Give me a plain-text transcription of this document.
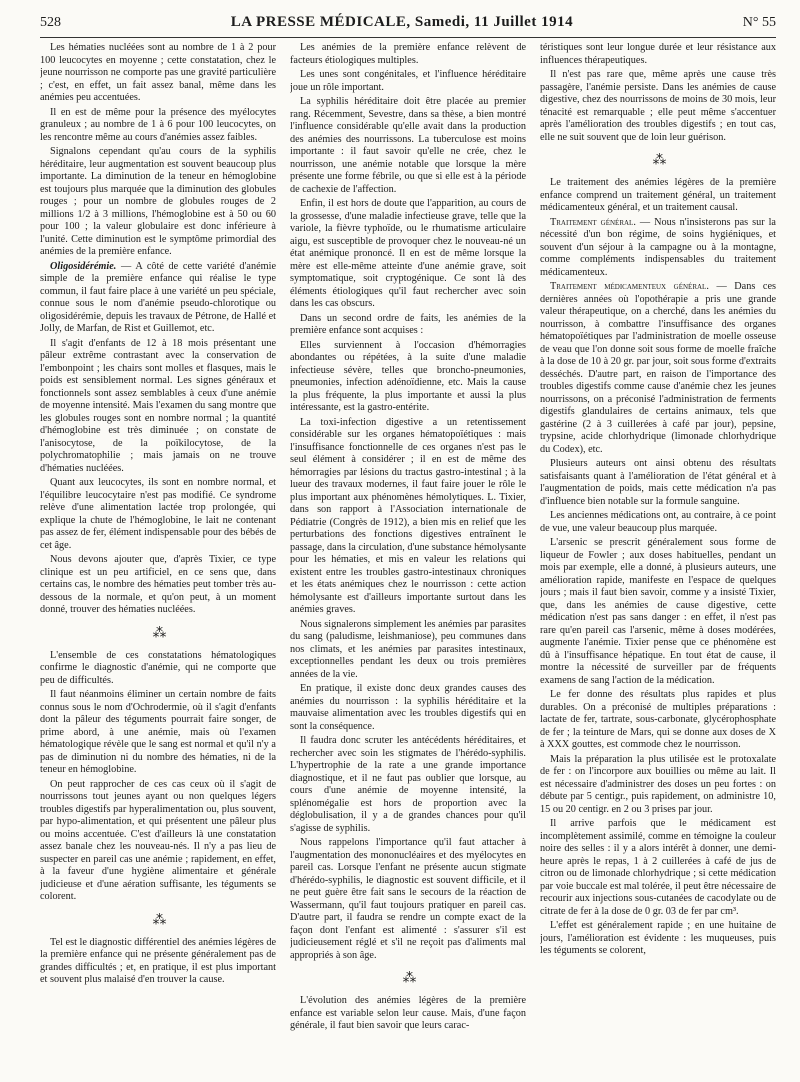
528	LA PRESSE MÉDICALE, Samedi, 11 Juillet 1914	N° 55

Les hématies nucléées sont au nombre de 1 à 2 pour 100 leucocytes en moyenne ; cette constatation, chez le jeune nourrisson ne comporte pas une gravité particulière ; c'est, en effet, un fait assez banal, même dans les anémies peu accentuées.

Il en est de même pour la présence des myélocytes granuleux ; au nombre de 1 à 6 pour 100 leucocytes, on les rencontre même au cours d'anémies assez faibles.

Signalons cependant qu'au cours de la syphilis héréditaire, leur augmentation est souvent beaucoup plus importante. La diminution de la teneur en hémoglobine est toujours plus marquée que la diminution des globules rouges ; pour un nombre de globules rouges de 2 millions 1/2 à 3 millions, l'hémoglobine est à 50 ou 60 pour 100 ; la valeur globulaire est donc inférieure à l'unité. Cette diminution est le symptôme primordial des anémies de la première enfance.

Oligosidérémie. — A côté de cette variété d'anémie simple de la première enfance qui réalise le type commun, il faut faire place à une variété un peu spéciale, connue sous le nom d'anémie pseudo-chlorotique ou oligosidérémie, depuis les travaux de Pétrone, de Hallé et Jolly, de Marfan, de Rist et Guillemot, etc.

Il s'agit d'enfants de 12 à 18 mois présentant une pâleur extrême contrastant avec la conservation de l'embonpoint ; les chairs sont molles et flasques, mais le poids est sensiblement normal. Les signes généraux et fonctionnels sont assez semblables à ceux d'une anémie de moyenne intensité. Mais l'examen du sang montre que les globules rouges sont en nombre normal ; la quantité d'hémoglobine est très diminuée ; on constate de l'anisocytose, de la poïkilocytose, de la polychromatophilie ; mais jamais on ne trouve d'hématies nucléées.

Quant aux leucocytes, ils sont en nombre normal, et l'équilibre leucocytaire n'est pas modifié. Ce syndrome relève d'une alimentation lactée trop prolongée, qui explique la chute de l'hémoglobine, le lait ne contenant pas assez de fer, élément indispensable pour des bébés de cet âge.

Nous devons ajouter que, d'après Tixier, ce type clinique est un peu artificiel, en ce sens que, dans certains cas, le nombre des hématies peut tomber très au-dessous de la normale, et qu'on peut, à un moment donné, trouver des hématies nucléées.

⁂

L'ensemble de ces constatations hématologiques confirme le diagnostic d'anémie, qui ne comporte que peu de difficultés.

Il faut néanmoins éliminer un certain nombre de faits connus sous le nom d'Ochrodermie, où il s'agit d'enfants dont la pâleur des téguments pourrait faire songer, de prime abord, à une anémie, mais où l'examen hématologique révèle que le sang est normal et qu'il n'y a pas de diminution ni du nombre des hématies, ni de la teneur en hémoglobine.

On peut rapprocher de ces cas ceux où il s'agit de nourrissons tout jeunes ayant ou non quelques légers troubles digestifs par hyperalimentation ou, plus souvent, par hypo-alimentation, et qui présentent une pâleur plus ou moins accentuée. C'est d'ailleurs là une constatation assez banale chez les nouveau-nés. Il n'y a pas lieu de suspecter en pareil cas une anémie ; rapidement, en effet, à la faveur d'une hygiène alimentaire et générale judicieuse et d'une aération suffisante, les téguments se colorent.

⁂

Tel est le diagnostic différentiel des anémies légères de la première enfance qui ne présente généralement pas de grandes difficultés ; et, en pratique, il est plus important et souvent plus malaisé d'en trouver la cause.

Les anémies de la première enfance relèvent de facteurs étiologiques multiples.

Les unes sont congénitales, et l'influence héréditaire joue un rôle important.

La syphilis héréditaire doit être placée au premier rang. Récemment, Sevestre, dans sa thèse, a bien montré l'influence considérable qu'elle avait dans la production des anémies des nourrissons. La tuberculose est moins importante : il faut savoir qu'elle ne crée, chez le nourrisson, une anémie notable que lorsque la mère présente une forme fébrile, ou que si elle est à la période de cachexie de l'affection.

Enfin, il est hors de doute que l'apparition, au cours de la grossesse, d'une maladie infectieuse grave, telle que la variole, la fièvre typhoïde, ou le rhumatisme articulaire aigu, est susceptible de provoquer chez le nouveau-né un état anémique prononcé. Il en est de même lorsque la mère est elle-même atteinte d'une anémie grave, soit symptomatique, soit cryptogénique. Ce sont là des éléments étiologiques qu'il faut rechercher avec soin dans les cas obscurs.

Dans un second ordre de faits, les anémies de la première enfance sont acquises :

Elles surviennent à l'occasion d'hémorragies abondantes ou répétées, à la suite d'une maladie infectieuse sévère, telles que broncho-pneumonies, pneumonies, infection adénoïdienne, etc. Mais la cause la plus fréquente, la plus importante et aussi la plus intéressante, est la gastro-entérite.

La toxi-infection digestive a un retentissement considérable sur les organes hématopoïétiques : mais l'insuffisance fonctionnelle de ces organes n'est pas le seul élément à considérer ; il en est de même des hémorragies par lésions du tractus gastro-intestinal ; à la lueur des travaux modernes, il faut faire jouer le rôle le plus important aux phénomènes hémolytiques. L. Tixier, dans son rapport à l'Association internationale de Pédiatrie (Congrès de 1912), a bien mis en relief que les perturbations des fonctions digestives entraînent le passage, dans la circulation, d'une substance hémolysante pour les hématies, et mis en valeur les relations qui existent entre les troubles gastro-intestinaux chroniques et les états anémiques chez le nourrisson : cette action hémolysante est d'ailleurs importante surtout dans les anémies graves.

Nous signalerons simplement les anémies par parasites du sang (paludisme, leishmaniose), peu communes dans nos climats, et les anémies par parasites intestinaux, exceptionnelles pendant les deux ou trois premières années de la vie.

En pratique, il existe donc deux grandes causes des anémies du nourrisson : la syphilis héréditaire et la mauvaise alimentation avec les troubles digestifs qui en sont la conséquence.

Il faudra donc scruter les antécédents héréditaires, et rechercher avec soin les stigmates de l'hérédo-syphilis. L'hypertrophie de la rate a une grande importance diagnostique, et il ne faut pas oublier que lorsque, au cours d'une anémie de moyenne intensité, la splénomégalie est hors de proportion avec la déglobulisation, il y a de grandes chances pour qu'il s'agisse de syphilis.

Nous rappelons l'importance qu'il faut attacher à l'augmentation des mononucléaires et des myélocytes en pareil cas. Lorsque l'enfant ne présente aucun stigmate d'hérédo-syphilis, le diagnostic est souvent difficile, et il ne peut guère être fait sans le secours de la réaction de Wassermann, qu'il faut toujours pratiquer en pareil cas. D'autre part, il faudra se rendre un compte exact de la façon dont l'enfant est alimenté : s'assurer s'il est judicieusement réglé et s'il ne reçoit pas d'aliments mal appropriés à son âge.

⁂

L'évolution des anémies légères de la première enfance est variable selon leur cause. Mais, d'une façon générale, il faut bien savoir que leurs carac-

téristiques sont leur longue durée et leur résistance aux influences thérapeutiques.

Il n'est pas rare que, même après une cause très passagère, l'anémie persiste. Dans les anémies de cause digestive, chez des nourrissons de moins de 30 mois, leur ténacité est remarquable ; elle peut même s'accentuer après l'amélioration des troubles digestifs ; en tout cas, elle ne suit souvent que de loin leur guérison.

⁂

Le traitement des anémies légères de la première enfance comprend un traitement général, un traitement médicamenteux général, et un traitement causal.

Traitement général. — Nous n'insisterons pas sur la nécessité d'un bon régime, de soins hygiéniques, et souvent d'un séjour à la campagne ou à la montagne, comme compléments indispensables du traitement médicamenteux.

Traitement médicamenteux général. — Dans ces dernières années où l'opothérapie a pris une grande valeur thérapeutique, on a cherché, dans les anémies du nourrisson, à combattre l'insuffisance des organes hématopoïétiques par l'administration de moelle osseuse de veau que l'on donne soit sous forme de moelle fraîche à la dose de 10 à 20 gr. par jour, soit sous forme d'extraits desséchés. D'autre part, en raison de l'importance des troubles digestifs comme cause d'anémie chez les jeunes nourrissons, on a préconisé l'administration de ferments digestifs glandulaires de certains animaux, tels que gastérine (2 à 3 cuillerées à café par jour), pepsine, trypsine, acide chlorhydrique (limonade chlorhydrique du Codex), etc.

Plusieurs auteurs ont ainsi obtenu des résultats satisfaisants quant à l'amélioration de l'état général et à l'augmentation de poids, mais cette médication n'a pas d'influence bien notable sur la formule sanguine.

Les anciennes médications ont, au contraire, à ce point de vue, une valeur beaucoup plus marquée.

L'arsenic se prescrit généralement sous forme de liqueur de Fowler ; aux doses habituelles, pendant un mois par exemple, elle a donné, à plusieurs auteurs, une amélioration rapide, manifeste en l'espace de quelques jours ; mais il faut bien savoir, comme y a insisté Tixier, que, dans les anémies de cause digestive, cette médication n'est pas sans danger : en effet, il n'est pas rare qu'en pareil cas l'arsenic, même à doses modérées, augmente l'anémie. Tixier pense que ce phénomène est dû à l'insuffisance hépatique. En tout état de cause, il montre la nécessité de surveiller par de fréquents examens de sang l'action de la médication.

Le fer donne des résultats plus rapides et plus durables. On a préconisé de multiples préparations : lactate de fer, tartrate, sous-carbonate, glycérophosphate de fer ; la teinture de Mars, qui se donne aux doses de X à XXX gouttes, est commode chez le nourrisson.

Mais la préparation la plus utilisée est le protoxalate de fer : on l'incorpore aux bouillies ou même au lait. Il est nécessaire d'administrer des doses un peu fortes : on débute par 5 centigr., puis rapidement, on administre 10, 15 ou 20 centigr. en 2 ou 3 prises par jour.

Il arrive parfois que le médicament est incomplètement assimilé, comme en témoigne la couleur noire des selles : il y a alors intérêt à donner, une demi-heure après le repas, 1 à 2 cuillerées à café de jus de citron ou de limonade chlorhydrique ; si cette médication par voie buccale est mal tolérée, il peut être nécessaire de recourir aux injections sous-cutanées de cacodylate ou de citrate de fer à la dose de 0 gr. 03 de fer par cm³.

L'effet est généralement rapide ; en une huitaine de jours, l'amélioration est évidente : les muqueuses, puis les téguments se colorent,
